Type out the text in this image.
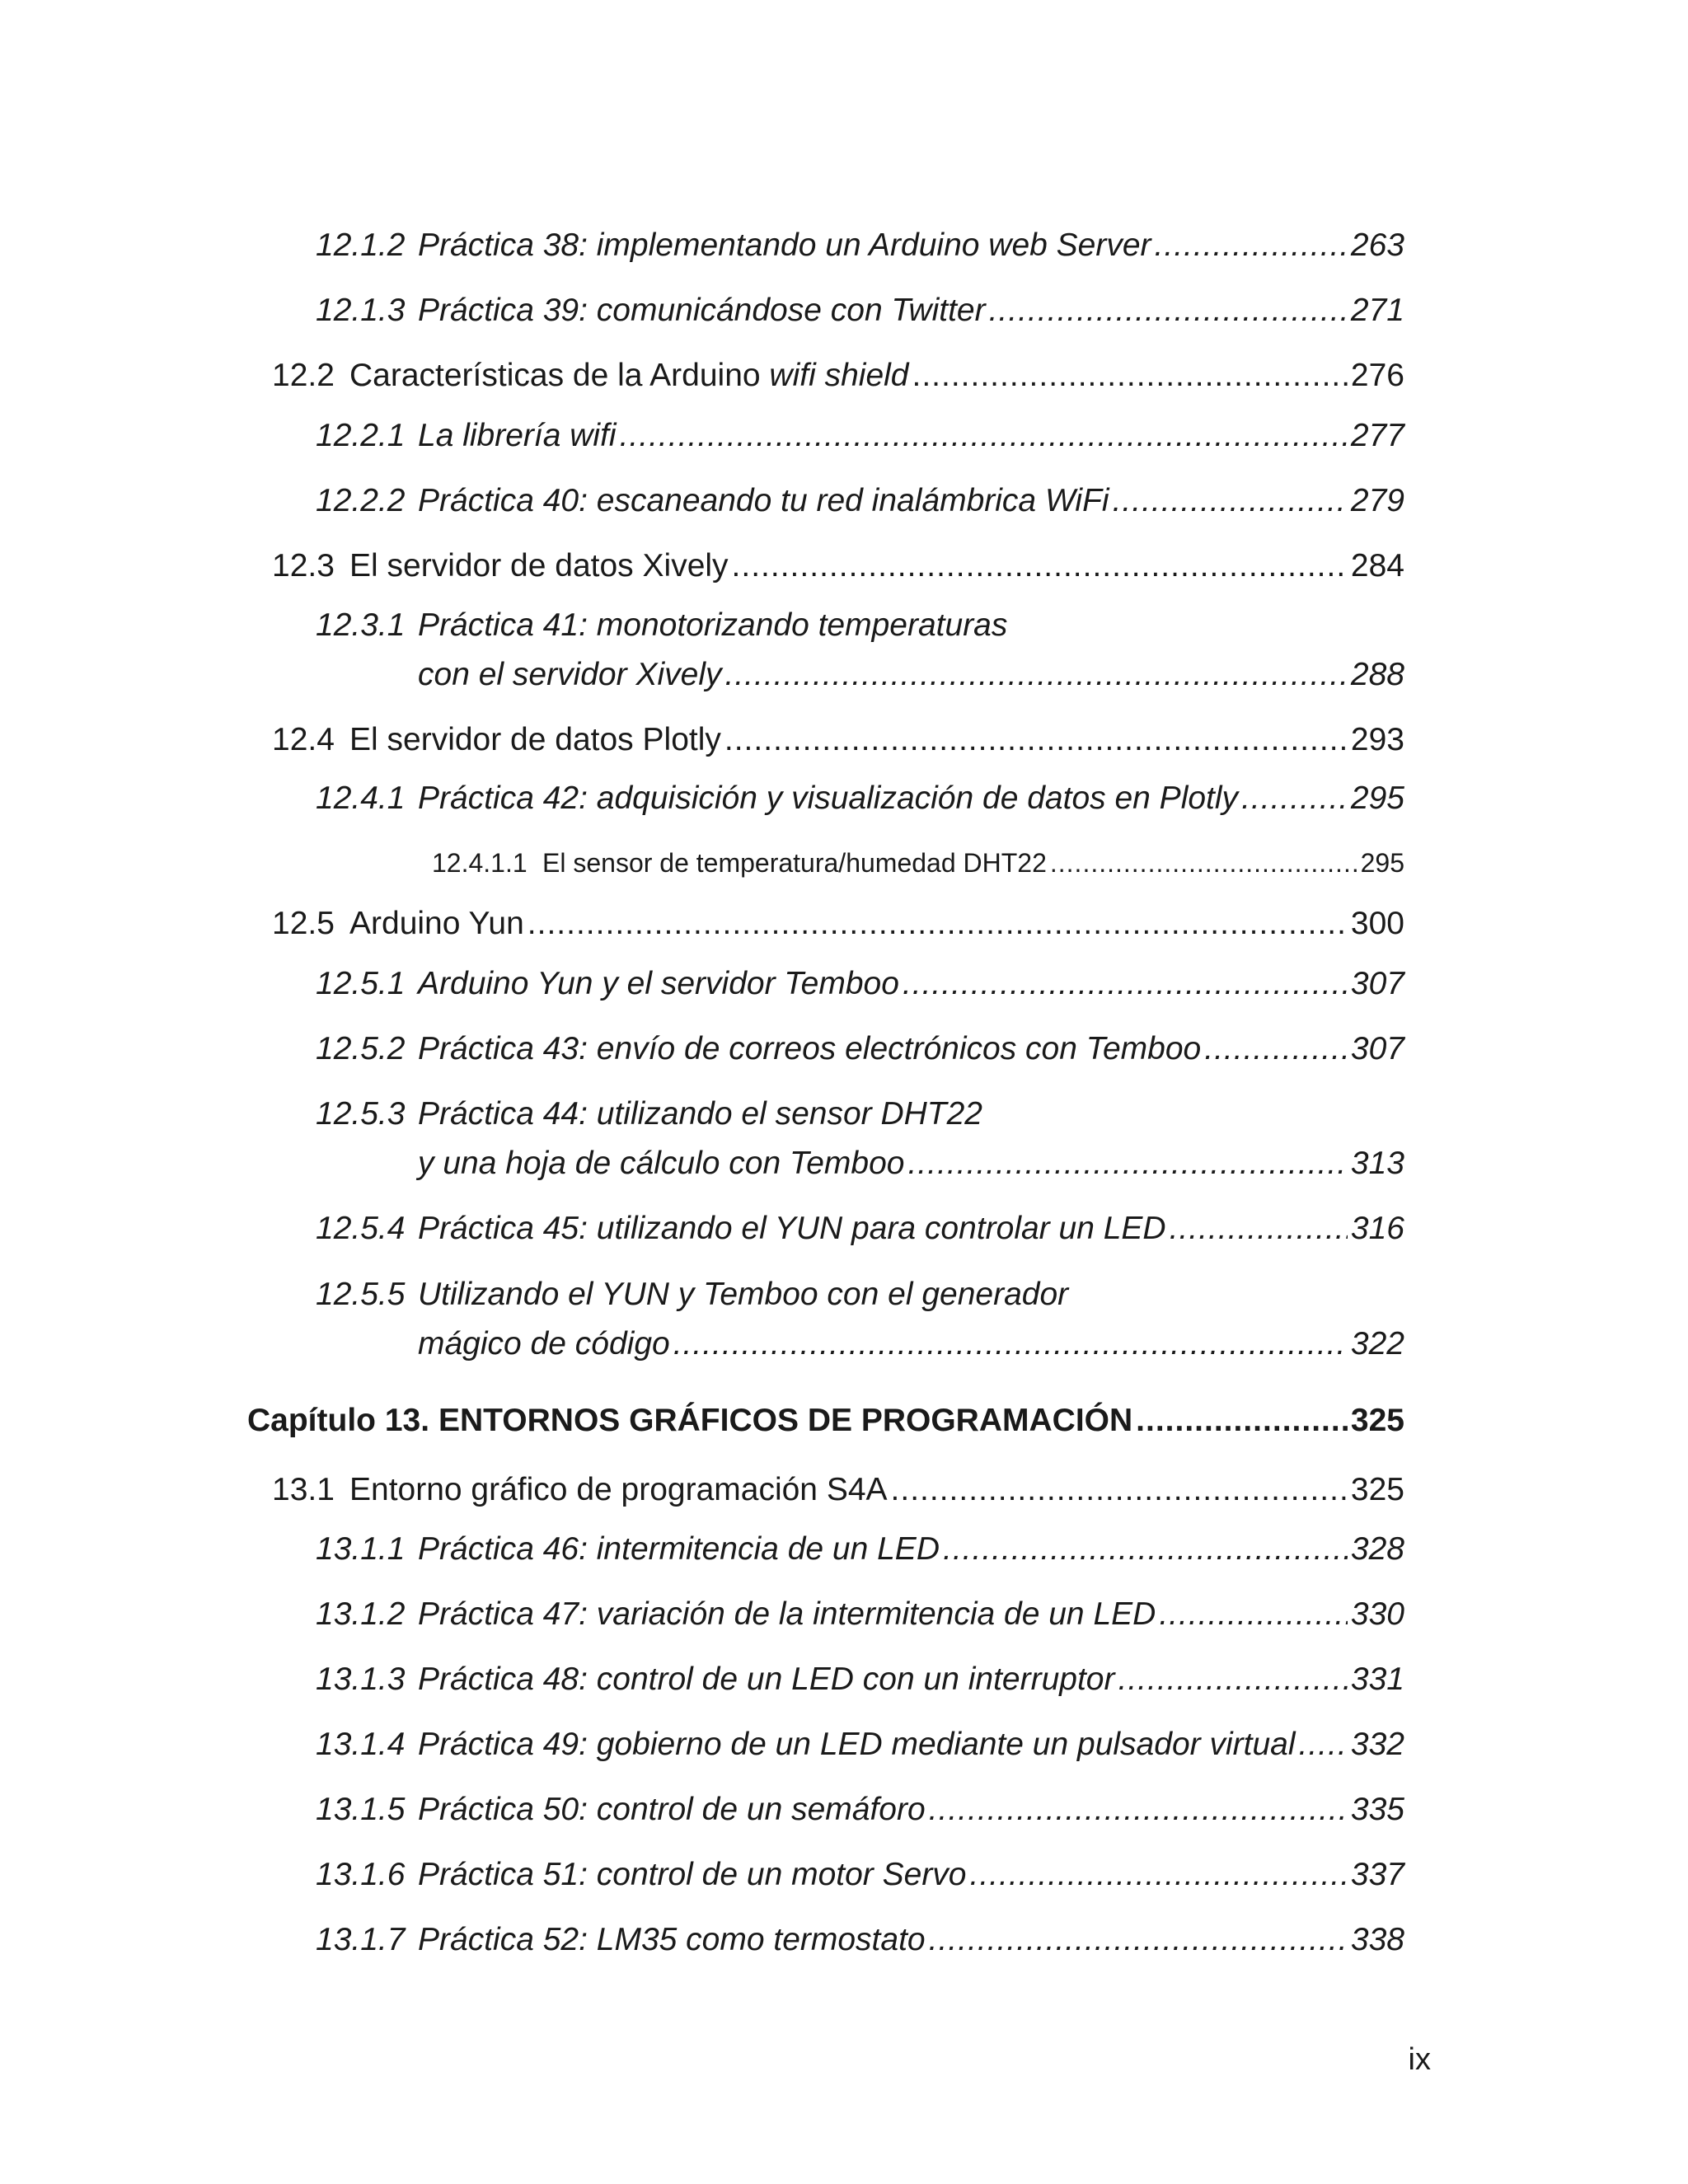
12.1.2 Práctica 38: implementando un Arduino web Server .....	263
12.1.3 Práctica 39: comunicándose con Twitter .....	271
12.2 Características de la Arduino wifi shield .....	276
12.2.1 La librería wifi .....	277
12.2.2 Práctica 40: escaneando tu red inalámbrica WiFi .....	279
12.3 El servidor de datos Xively .....	284
12.3.1 Práctica 41: monotorizando temperaturas
con el servidor Xively .....	288
12.4 El servidor de datos Plotly .....	293
12.4.1 Práctica 42: adquisición y visualización de datos en Plotly .....	295
12.4.1.1 El sensor de temperatura/humedad DHT22 .....	295
12.5 Arduino Yun .....	300
12.5.1 Arduino Yun y el servidor Temboo .....	307
12.5.2 Práctica 43: envío de correos electrónicos con Temboo .....	307
12.5.3 Práctica 44: utilizando el sensor DHT22
y una hoja de cálculo con Temboo .....	313
12.5.4 Práctica 45: utilizando el YUN para controlar un LED .....	316
12.5.5 Utilizando el YUN y Temboo con el generador
mágico de código .....	322
Capítulo 13. ENTORNOS GRÁFICOS DE PROGRAMACIÓN .....	325
13.1 Entorno gráfico de programación S4A .....	325
13.1.1 Práctica 46: intermitencia de un LED .....	328
13.1.2 Práctica 47: variación de la intermitencia de un LED .....	330
13.1.3 Práctica 48: control de un LED con un interruptor .....	331
13.1.4 Práctica 49: gobierno de un LED mediante un pulsador virtual ..... 332
13.1.5 Práctica 50: control de un semáforo .....	335
13.1.6 Práctica 51: control de un motor Servo .....	337
13.1.7 Práctica 52: LM35 como termostato .....	338
ix
